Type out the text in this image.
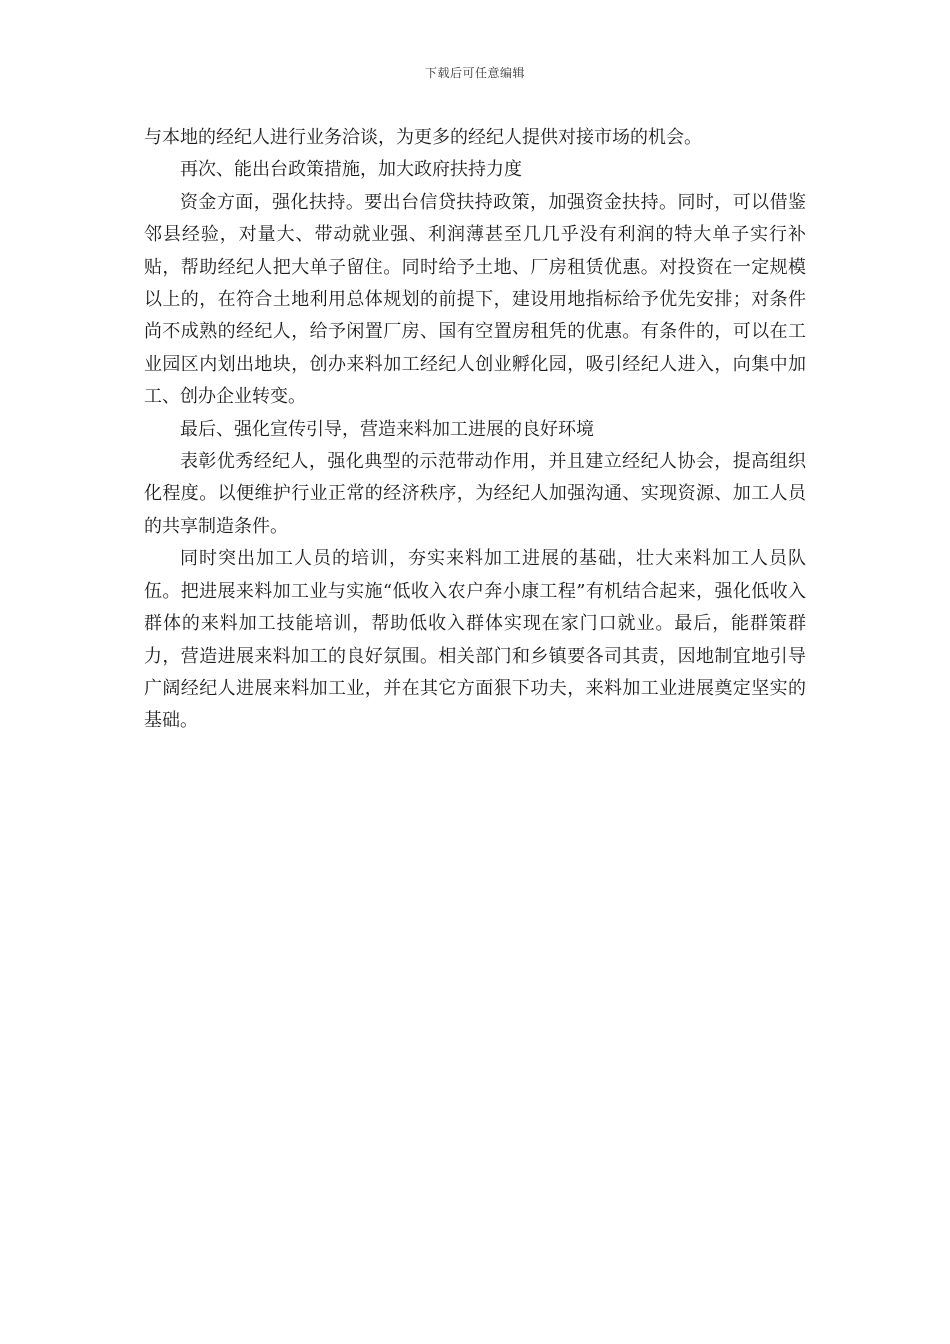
下载后可任意编辑

与本地的经纪人进行业务洽谈，为更多的经纪人提供对接市场的机会。

再次、能出台政策措施，加大政府扶持力度

资金方面，强化扶持。要出台信贷扶持政策，加强资金扶持。同时，可以借鉴邻县经验，对量大、带动就业强、利润薄甚至几几乎没有利润的特大单子实行补贴，帮助经纪人把大单子留住。同时给予土地、厂房租赁优惠。对投资在一定规模以上的，在符合土地利用总体规划的前提下，建设用地指标给予优先安排；对条件尚不成熟的经纪人，给予闲置厂房、国有空置房租凭的优惠。有条件的，可以在工业园区内划出地块，创办来料加工经纪人创业孵化园，吸引经纪人进入，向集中加工、创办企业转变。

最后、强化宣传引导，营造来料加工进展的良好环境

表彰优秀经纪人，强化典型的示范带动作用，并且建立经纪人协会，提高组织化程度。以便维护行业正常的经济秩序，为经纪人加强沟通、实现资源、加工人员的共享制造条件。

同时突出加工人员的培训，夯实来料加工进展的基础，壮大来料加工人员队伍。把进展来料加工业与实施“低收入农户奔小康工程”有机结合起来，强化低收入群体的来料加工技能培训，帮助低收入群体实现在家门口就业。最后，能群策群力，营造进展来料加工的良好氛围。相关部门和乡镇要各司其责，因地制宜地引导广阔经纪人进展来料加工业，并在其它方面狠下功夫，来料加工业进展奠定坚实的基础。
